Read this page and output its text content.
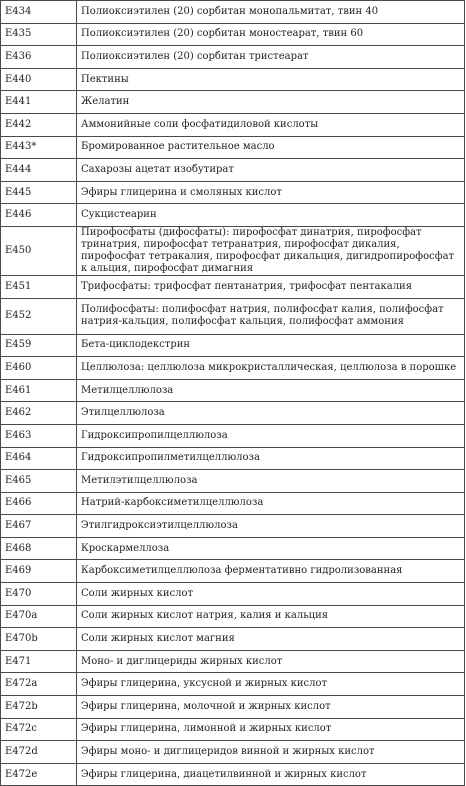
E434	Полиоксиэтилен (20) сорбитан монопальмитат, твин 40
E435	Полиоксиэтилен (20) сорбитан моностеарат, твин 60
E436	Полиоксиэтилен (20) сорбитан тристеарат
E440	Пектины
E441	Желатин
E442	Аммонийные соли фосфатидиловой кислоты
E443*	Бромированное растительное масло
E444	Сахарозы ацетат изобутират
E445	Эфиры глицерина и смоляных кислот
E446	Сукцистеарин
E450	Пирофосфаты (дифосфаты): пирофосфат динатрия, пирофосфат тринатрия, пирофосфат тетранатрия, пирофосфат дикалия, пирофосфат тетракалия, пирофосфат дикальция, дигидропирофосфат к альция, пирофосфат димагния
E451	Трифосфаты: трифосфат пентанатрия, трифосфат пентакалия
E452	Полифосфаты: полифосфат натрия, полифосфат калия, полифосфат натрия-кальция, полифосфат кальция, полифосфат аммония
E459	Бета-циклодекстрин
E460	Целлюлоза: целлюлоза микрокристаллическая, целлюлоза в порошке
E461	Метилцеллюлоза
E462	Этилцеллюлоза
E463	Гидроксипропилцеллюлоза
E464	Гидроксипропилметилцеллюлоза
E465	Метилэтилцеллюлоза
E466	Натрий-карбоксиметилцеллюлоза
E467	Этилгидроксиэтилцеллюлоза
E468	Кроскармеллоза
E469	Карбоксиметилцеллюлоза ферментативно гидролизованная
E470	Соли жирных кислот
E470a	Соли жирных кислот натрия, калия и кальция
E470b	Соли жирных кислот магния
E471	Моно- и диглицериды жирных кислот
E472a	Эфиры глицерина, уксусной и жирных кислот
E472b	Эфиры глицерина, молочной и жирных кислот
E472c	Эфиры глицерина, лимонной и жирных кислот
E472d	Эфиры моно- и диглицеридов винной и жирных кислот
E472e	Эфиры глицерина, диацетилвинной и жирных кислот
